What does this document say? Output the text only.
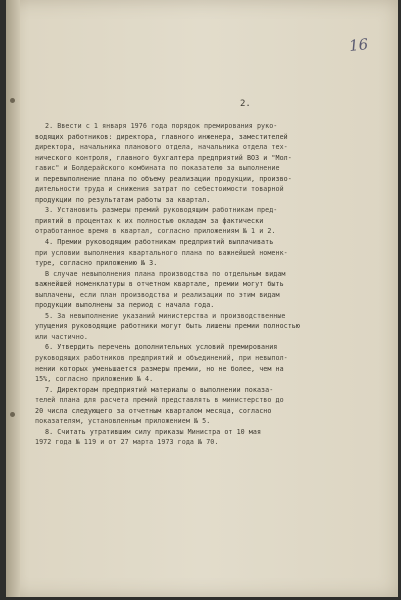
16
2.
2. Ввести с 1 января 1976 года порядок премирования руко-
водящих работников: директора, главного инженера, заместителей
директора, начальника планового отдела, начальника отдела тех-
нического контроля, главного бухгалтера предприятий ВОЗ и "Мол-
гавис" и Болдерайского комбината по показателю за выполнение
и перевыполнение плана по объему реализации продукции, произво-
дительности труда и снижения затрат по себестоимости товарной
продукции по результатам работы за квартал.
3. Установить размеры премий руководящим работникам пред-
приятий в процентах к их полностью окладам за фактически
отработанное время в квартал, согласно приложениям № 1 и 2.
4. Премии руководящим работникам предприятий выплачивать
при условии выполнения квартального плана по важнейшей номенк-
туре, согласно приложению № 3.
В случае невыполнения плана производства по отдельным видам
важнейшей номенклатуры в отчетном квартале, премии могут быть
выплачены, если план производства и реализации по этим видам
продукции выполнены за период с начала года.
5. За невыполнение указаний министерства и производственные
упущения руководящие работники могут быть лишены премии полностью
или частично.
6. Утвердить перечень дополнительных условий премирования
руководящих работников предприятий и объединений, при невыпол-
нении которых уменьшается размеры премии, но не более, чем на
15%, согласно приложению № 4.
7. Директорам предприятий материалы о выполнении показа-
телей плана для расчета премий представлять в министерство до
20 числа следующего за отчетным кварталом месяца, согласно
показателям, установленным приложением № 5.
8. Считать утратившим силу приказы Министра от 10 мая
1972 года № 119 и от 27 марта 1973 года № 70.
